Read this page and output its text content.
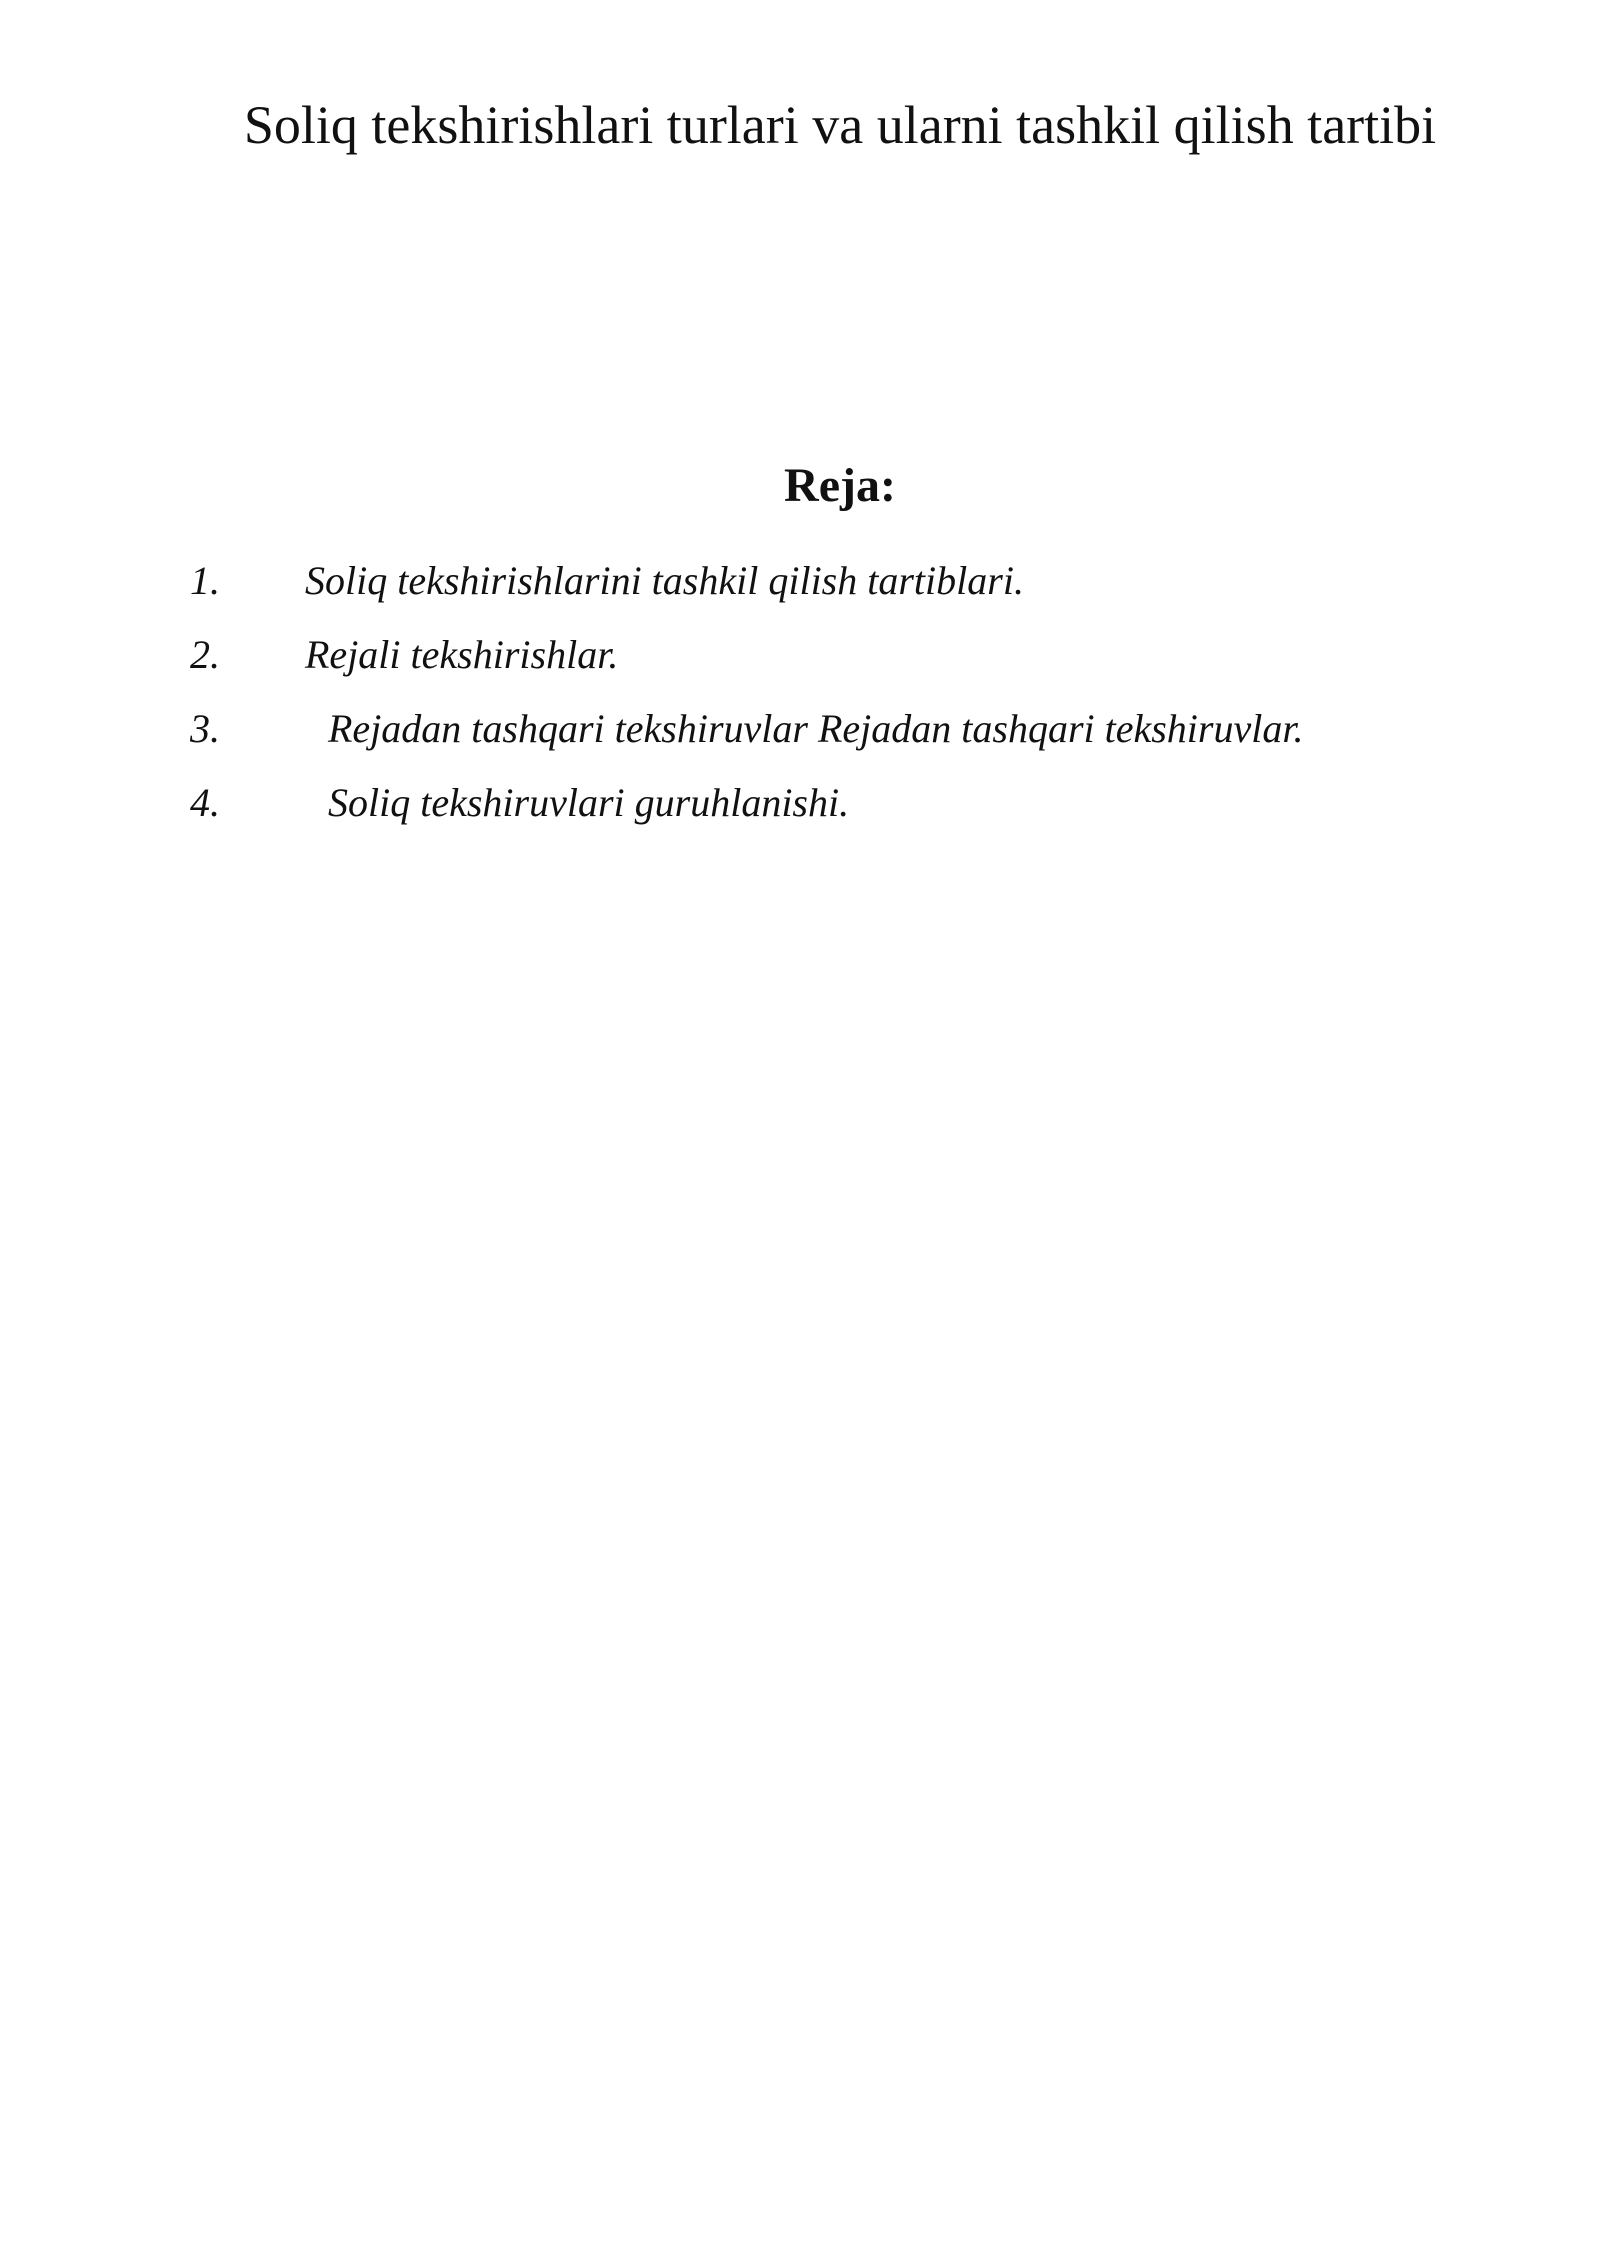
Soliq tekshirishlari turlari va ularni tashkil qilish tartibi
Reja:
1. Soliq tekshirishlarini tashkil qilish tartiblari.
2. Rejali tekshirishlar.
3.	Rejadan tashqari tekshiruvlar Rejadan tashqari tekshiruvlar.
4.	Soliq tekshiruvlari guruhlanishi.
